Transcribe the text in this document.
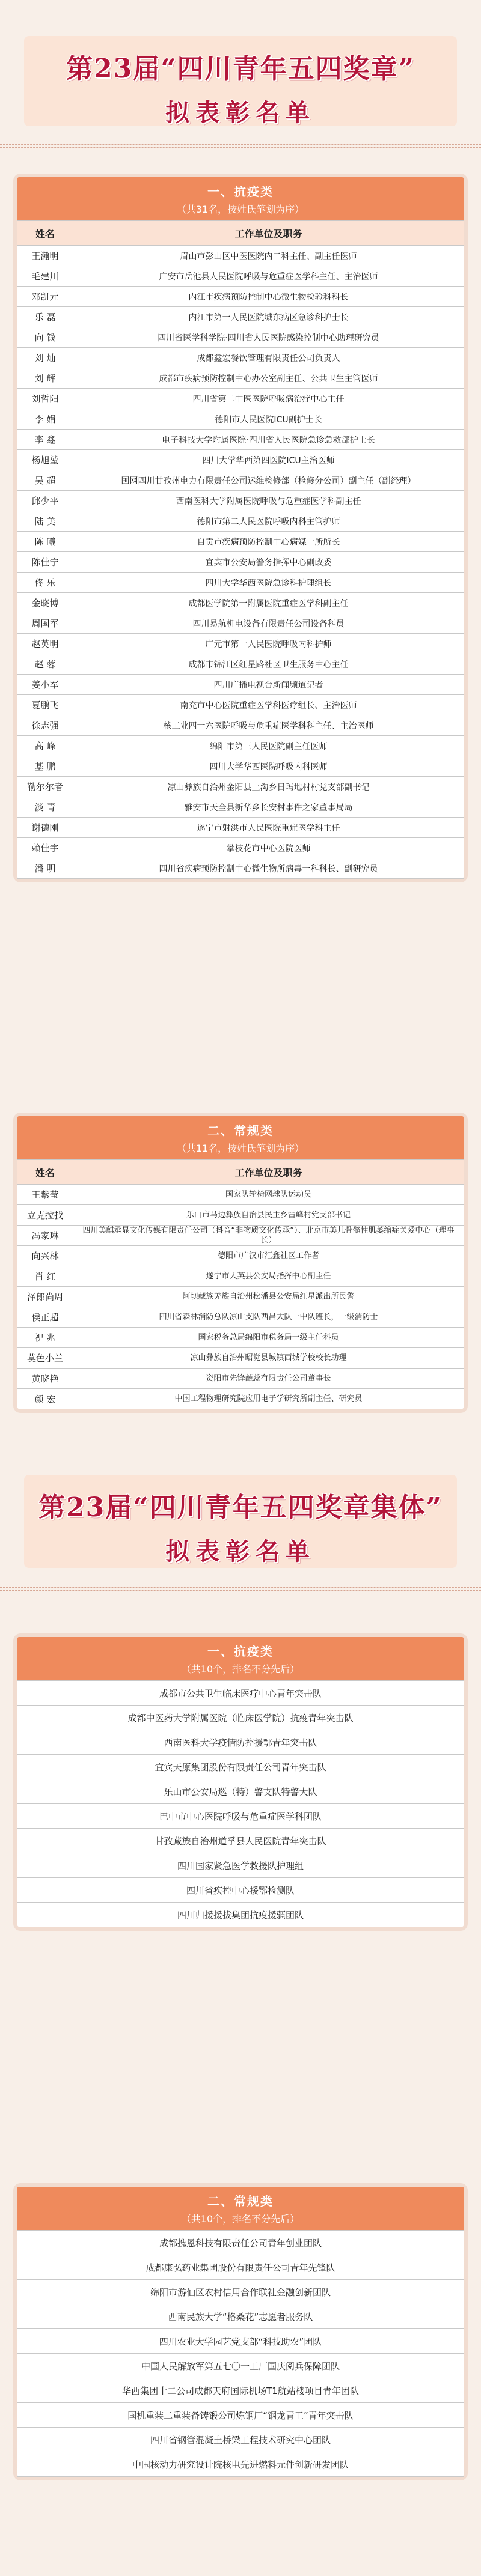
第23届“四川青年五四奖章”
拟表彰名单
一、抗疫类
（共31名，按姓氏笔划为序）
姓名	工作单位及职务
王瀚明	眉山市彭山区中医医院内二科主任、副主任医师
毛建川	广安市岳池县人民医院呼吸与危重症医学科主任、主治医师
邓凯元	内江市疾病预防控制中心微生物检验科科长
乐 磊	内江市第一人民医院城东病区急诊科护士长
向 钱	四川省医学科学院·四川省人民医院感染控制中心助理研究员
刘 灿	成都鑫宏餐饮管理有限责任公司负责人
刘 辉	成都市疾病预防控制中心办公室副主任、公共卫生主管医师
刘哲阳	四川省第二中医医院呼吸病治疗中心主任
李 娟	德阳市人民医院ICU副护士长
李 鑫	电子科技大学附属医院·四川省人民医院急诊急救部护士长
杨旭堃	四川大学华西第四医院ICU主治医师
吴 超	国网四川甘孜州电力有限责任公司运维检修部（检修分公司）副主任（副经理）
邱少平	西南医科大学附属医院呼吸与危重症医学科副主任
陆 美	德阳市第二人民医院呼吸内科主管护师
陈 曦	自贡市疾病预防控制中心病媒一所所长
陈佳宁	宜宾市公安局警务指挥中心副政委
佟 乐	四川大学华西医院急诊科护理组长
金晓博	成都医学院第一附属医院重症医学科副主任
周国军	四川易航机电设备有限责任公司设备科员
赵英明	广元市第一人民医院呼吸内科护师
赵 蓉	成都市锦江区红星路社区卫生服务中心主任
姜小军	四川广播电视台新闻频道记者
夏鹏飞	南充市中心医院重症医学科医疗组长、主治医师
徐志强	核工业四一六医院呼吸与危重症医学科科主任、主治医师
高 峰	绵阳市第三人民医院副主任医师
基 鹏	四川大学华西医院呼吸内科医师
勒尔尔者	凉山彝族自治州金阳县土沟乡日玛地村村党支部副书记
淡 青	雅安市天全县新华乡长安村事件之家董事局局
谢德刚	遂宁市射洪市人民医院重症医学科主任
赖佳宇	攀枝花市中心医院医师
潘 明	四川省疾病预防控制中心微生物所病毒一科科长、副研究员
二、常规类
（共11名，按姓氏笔划为序）
姓名	工作单位及职务
王紫莹	国家队轮椅网球队运动员
立克拉找	乐山市马边彝族自治县民主乡雷峰村党支部书记
冯家琳	四川美麒承显文化传媒有限责任公司（抖音“非物质文化传承”）、北京市美儿骨髓性肌萎缩症关爱中心（理事长）
向兴林	德阳市广汉市汇鑫社区工作者
肖 红	遂宁市大英县公安局指挥中心副主任
泽郎尚周	阿坝藏族羌族自治州松潘县公安局红星派出所民警
侯正超	四川省森林消防总队凉山支队西昌大队一中队班长，一级消防士
祝 兆	国家税务总局绵阳市税务局一级主任科员
莫色小兰	凉山彝族自治州昭觉县城镇西城学校校长助理
黄晓艳	资阳市先锋蘸蕊有限责任公司董事长
颜 宏	中国工程物理研究院应用电子学研究所副主任、研究员
第23届“四川青年五四奖章集体”
拟表彰名单
一、抗疫类
（共10个，排名不分先后）
成都市公共卫生临床医疗中心青年突击队
成都中医药大学附属医院（临床医学院）抗疫青年突击队
西南医科大学疫情防控援鄂青年突击队
宜宾天原集团股份有限责任公司青年突击队
乐山市公安局巡（特）警支队特警大队
巴中市中心医院呼吸与危重症医学科团队
甘孜藏族自治州道孚县人民医院青年突击队
四川国家紧急医学救援队护理组
四川省疾控中心援鄂检测队
四川归援援拔集团抗疫援疆团队
二、常规类
（共10个，排名不分先后）
成都携恩科技有限责任公司青年创业团队
成都康弘药业集团股份有限责任公司青年先锋队
绵阳市游仙区农村信用合作联社金融创新团队
西南民族大学“格桑花”志愿者服务队
四川农业大学园艺党支部“科技助农”团队
中国人民解放军第五七〇一工厂国庆阅兵保障团队
华西集团十二公司成都天府国际机场T1航站楼项目青年团队
国机重装二重装备铸锻公司炼钢厂“钢龙青工”青年突击队
四川省钢管混凝土桥梁工程技术研究中心团队
中国核动力研究设计院核电先进燃料元件创新研发团队
